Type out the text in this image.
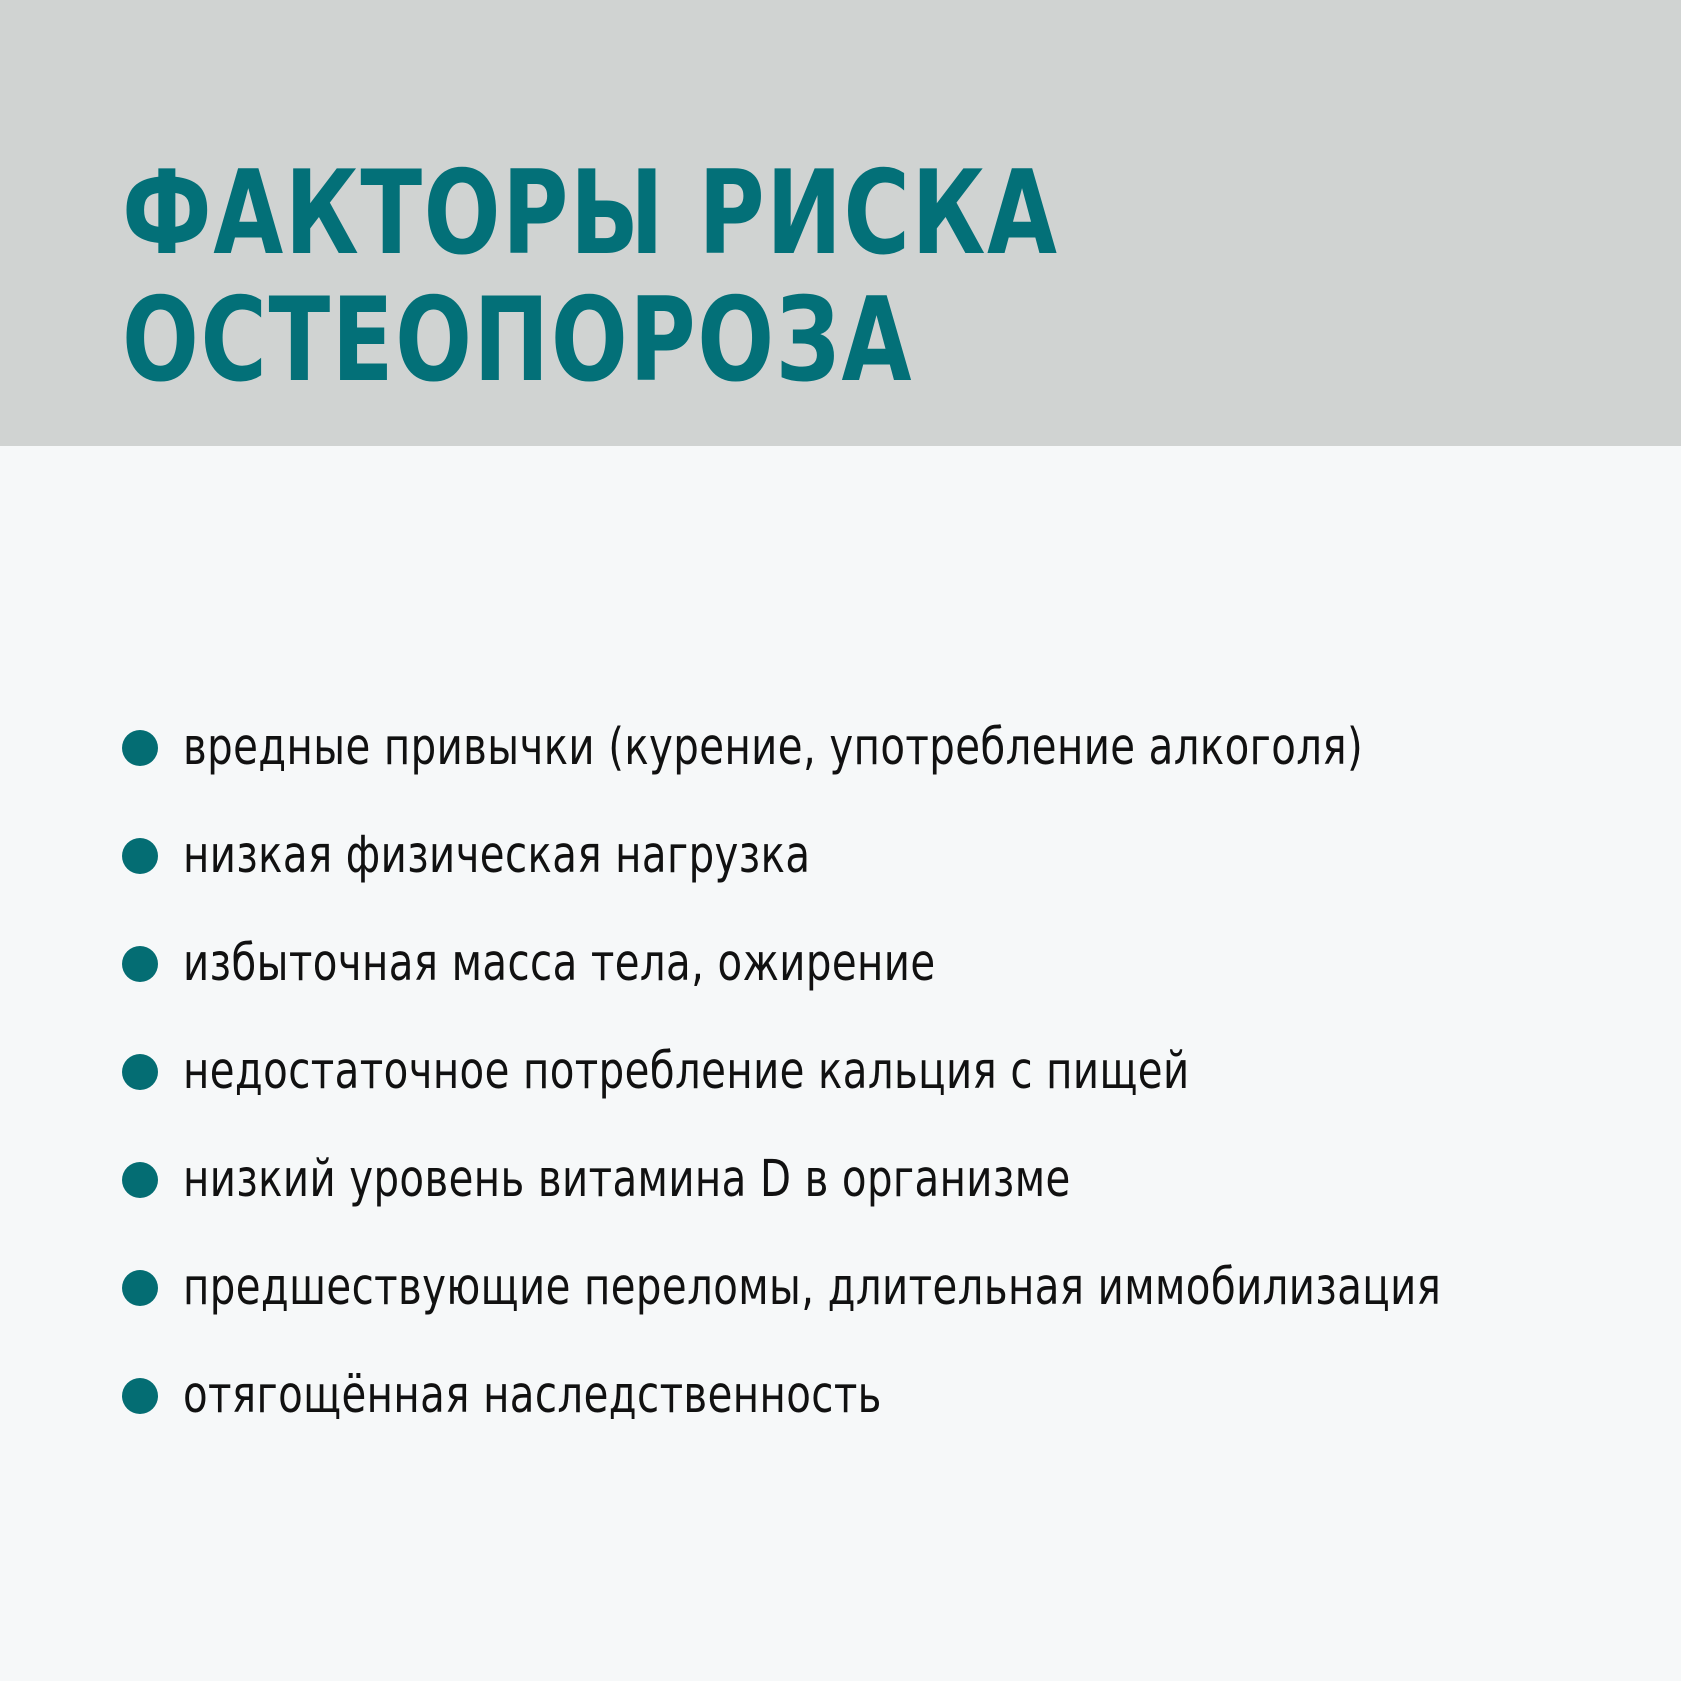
ФАКТОРЫ РИСКА
ОСТЕОПОРОЗА
вредные привычки (курение, употребление алкоголя)
низкая физическая нагрузка
избыточная масса тела, ожирение
недостаточное потребление кальция с пищей
низкий уровень витамина D в организме
предшествующие переломы, длительная иммобилизация
отягощённая наследственность
